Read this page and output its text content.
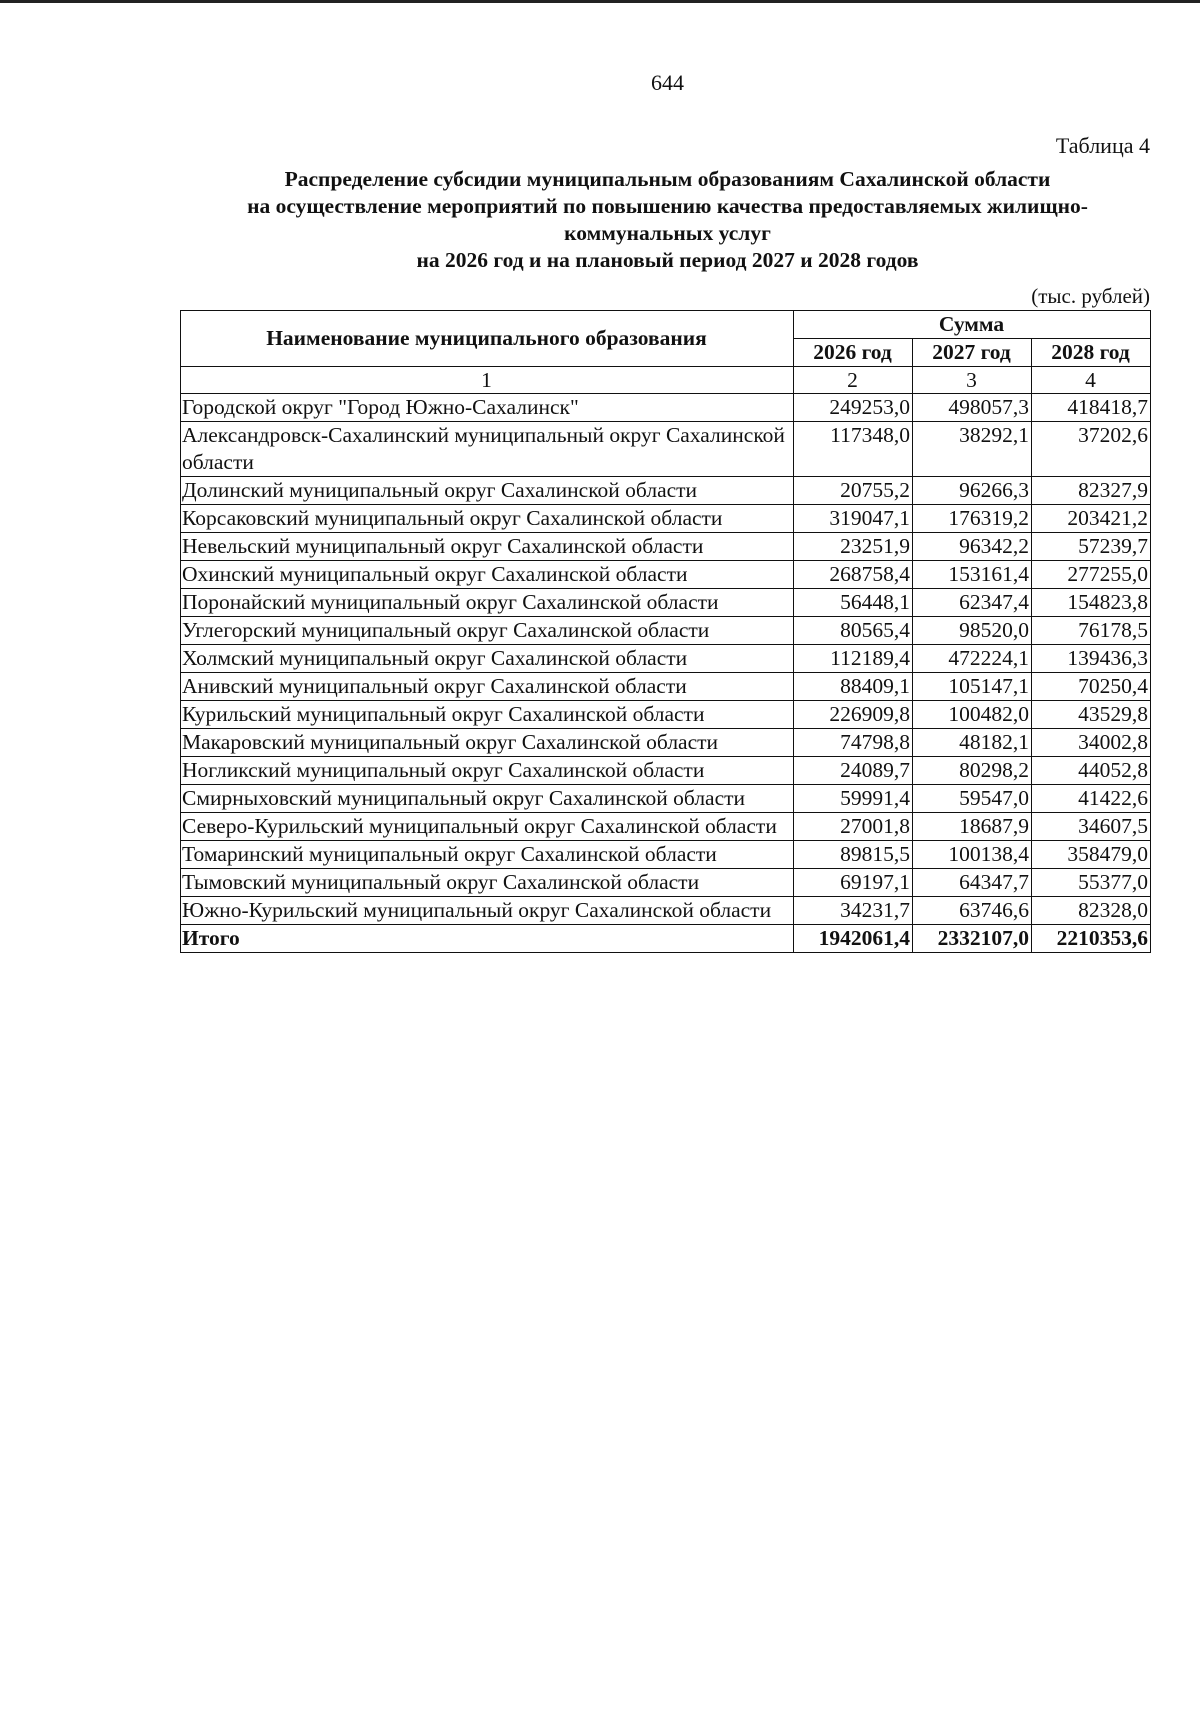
644
Таблица 4
Распределение субсидии муниципальным образованиям Сахалинской области
на осуществление мероприятий по повышению качества предоставляемых жилищно-
коммунальных услуг
на 2026 год и на плановый период 2027 и 2028 годов
(тыс. рублей)
Наименование муниципального образования	Сумма		
	2026 год	2027 год	2028 год
1	2	3	4
Городской округ "Город Южно-Сахалинск"	249253,0	498057,3	418418,7
Александровск-Сахалинский муниципальный округ Сахалинской области	117348,0	38292,1	37202,6
Долинский муниципальный округ Сахалинской области	20755,2	96266,3	82327,9
Корсаковский муниципальный округ Сахалинской области	319047,1	176319,2	203421,2
Невельский муниципальный округ Сахалинской области	23251,9	96342,2	57239,7
Охинский муниципальный округ Сахалинской области	268758,4	153161,4	277255,0
Поронайский муниципальный округ Сахалинской области	56448,1	62347,4	154823,8
Углегорский муниципальный округ Сахалинской области	80565,4	98520,0	76178,5
Холмский муниципальный округ Сахалинской области	112189,4	472224,1	139436,3
Анивский муниципальный округ Сахалинской области	88409,1	105147,1	70250,4
Курильский муниципальный округ Сахалинской области	226909,8	100482,0	43529,8
Макаровский муниципальный округ Сахалинской области	74798,8	48182,1	34002,8
Ногликский муниципальный округ Сахалинской области	24089,7	80298,2	44052,8
Смирныховский муниципальный округ Сахалинской области	59991,4	59547,0	41422,6
Северо-Курильский муниципальный округ Сахалинской области	27001,8	18687,9	34607,5
Томаринский муниципальный округ Сахалинской области	89815,5	100138,4	358479,0
Тымовский муниципальный округ Сахалинской области	69197,1	64347,7	55377,0
Южно-Курильский муниципальный округ Сахалинской области	34231,7	63746,6	82328,0
Итого	1942061,4	2332107,0	2210353,6
